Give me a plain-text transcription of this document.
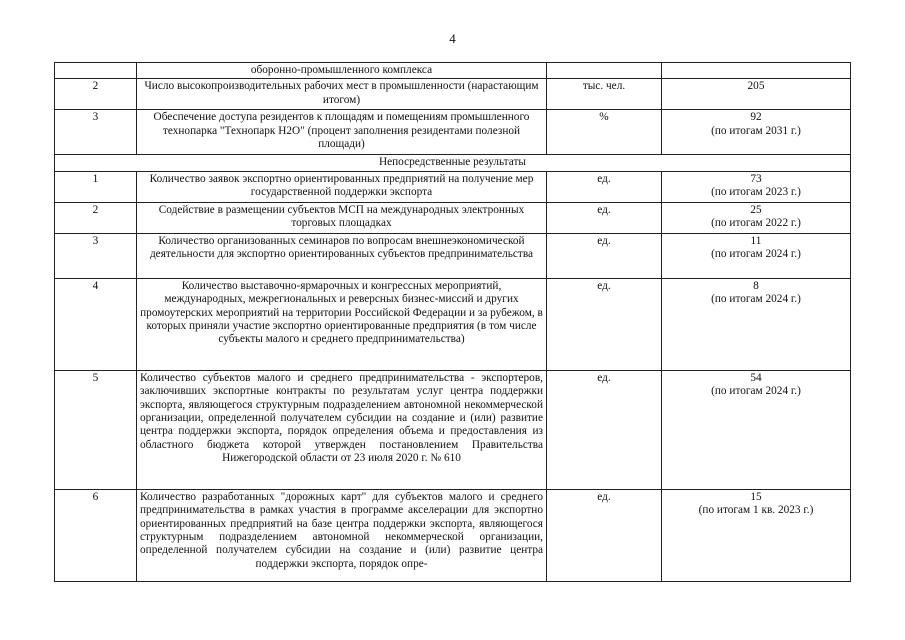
4
	оборонно-промышленного комплекса		

2	Число высокопроизводительных рабочих мест в промышленности (нарастающим итогом)	тыс. чел.	205

3	Обеспечение доступа резидентов к площадям и помещениям промышленного технопарка "Технопарк Н2О" (процент заполнения резидентами полезной площади)	%	92
(по итогам 2031 г.)

Непосредственные результаты			
1	Количество заявок экспортно ориентированных предприятий на получение мер государственной поддержки экспорта	ед.	73
(по итогам 2023 г.)

2	Содействие в размещении субъектов МСП на международных электронных торговых площадках	ед.	25
(по итогам 2022 г.)

3	Количество организованных семинаров по вопросам внешнеэкономической деятельности для экспортно ориентированных субъектов предпринимательства	ед.	11
(по итогам 2024 г.)

4	Количество выставочно-ярмарочных и конгрессных мероприятий, международных, межрегиональных и реверсных бизнес-миссий и других промоутерских мероприятий на территории Российской Федерации и за рубежом, в которых приняли участие экспортно ориентированные предприятия (в том числе субъекты малого и среднего предпринимательства)	ед.	8
(по итогам 2024 г.)

5	Количество субъектов малого и среднего предпринимательства - экспортеров, заключивших экспортные контракты по результатам услуг центра поддержки экспорта, являющегося структурным подразделением автономной некоммерческой организации, определенной получателем субсидии на создание и (или) развитие центра поддержки экспорта, порядок определения объема и предоставления из областного бюджета которой утвержден постановлением Правительства Нижегородской области от 23 июля 2020 г. № 610	ед.	54
(по итогам 2024 г.)

6	Количество разработанных "дорожных карт" для субъектов малого и среднего предпринимательства в рамках участия в программе акселерации для экспортно ориентированных предприятий на базе центра поддержки экспорта, являющегося структурным подразделением автономной некоммерческой организации, определенной получателем субсидии на создание и (или) развитие центра поддержки экспорта, порядок опре-	ед.	15
(по итогам 1 кв. 2023 г.)
